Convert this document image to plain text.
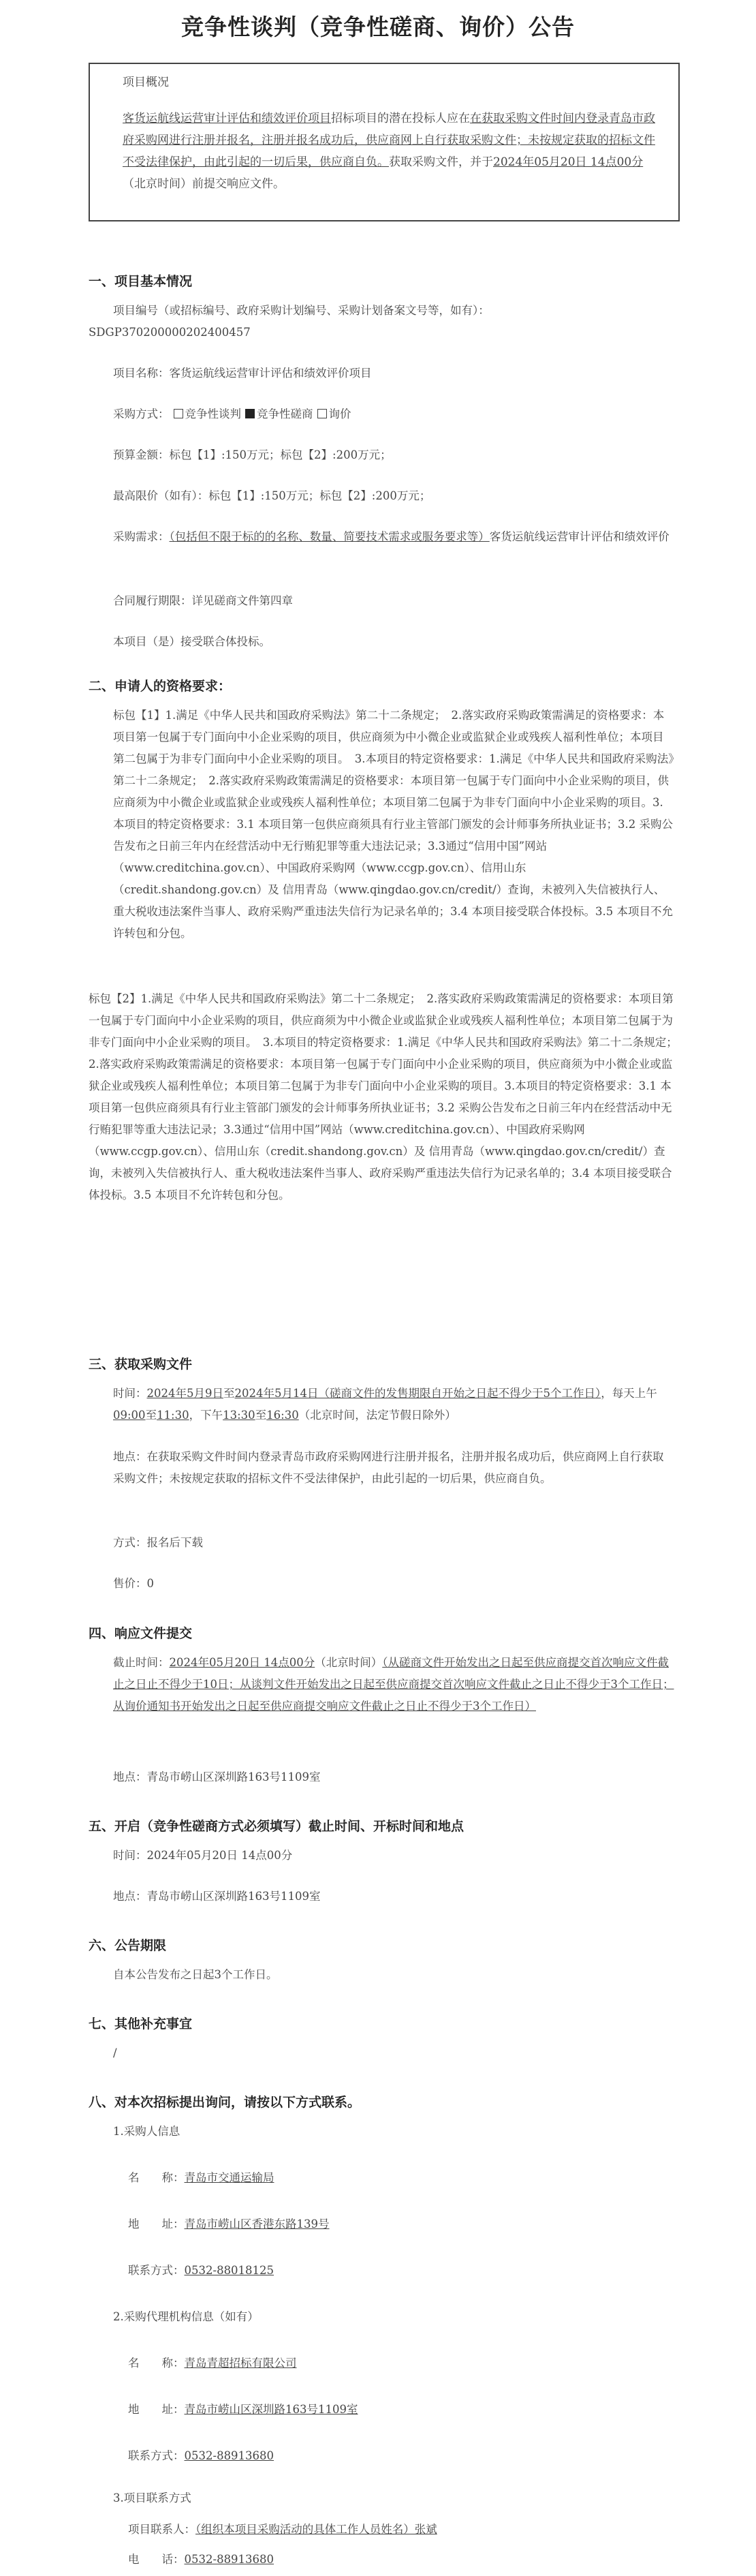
竞争性谈判（竞争性磋商、询价）公告
项目概况
客货运航线运营审计评估和绩效评价项目招标项目的潜在投标人应在在获取采购文件时间内登录青岛市政府采购网进行注册并报名，注册并报名成功后，供应商网上自行获取采购文件；未按规定获取的招标文件不受法律保护，由此引起的一切后果，供应商自负。获取采购文件，并于2024年05月20日 14点00分（北京时间）前提交响应文件。
一、项目基本情况
项目编号（或招标编号、政府采购计划编号、采购计划备案文号等，如有）：
SDGP370200000202400457
项目名称：客货运航线运营审计评估和绩效评价项目
采购方式： 竞争性谈判 竞争性磋商 询价
预算金额：标包【1】:150万元；标包【2】:200万元；
最高限价（如有）：标包【1】:150万元；标包【2】:200万元；
采购需求：（包括但不限于标的的名称、数量、简要技术需求或服务要求等）客货运航线运营审计评估和绩效评价
合同履行期限：详见磋商文件第四章
本项目（是）接受联合体投标。
二、申请人的资格要求：
标包【1】1.满足《中华人民共和国政府采购法》第二十二条规定；　2.落实政府采购政策需满足的资格要求：本项目第一包属于专门面向中小企业采购的项目，供应商须为中小微企业或监狱企业或残疾人福利性单位；本项目第二包属于为非专门面向中小企业采购的项目。　3.本项目的特定资格要求：1.满足《中华人民共和国政府采购法》第二十二条规定；　2.落实政府采购政策需满足的资格要求：本项目第一包属于专门面向中小企业采购的项目，供应商须为中小微企业或监狱企业或残疾人福利性单位；本项目第二包属于为非专门面向中小企业采购的项目。3.本项目的特定资格要求：3.1 本项目第一包供应商须具有行业主管部门颁发的会计师事务所执业证书；3.2 采购公告发布之日前三年内在经营活动中无行贿犯罪等重大违法记录；3.3通过“信用中国”网站（www.creditchina.gov.cn）、中国政府采购网（www.ccgp.gov.cn）、信用山东（credit.shandong.gov.cn）及 信用青岛（www.qingdao.gov.cn/credit/）查询，未被列入失信被执行人、重大税收违法案件当事人、政府采购严重违法失信行为记录名单的；3.4 本项目接受联合体投标。3.5 本项目不允许转包和分包。
标包【2】1.满足《中华人民共和国政府采购法》第二十二条规定；　2.落实政府采购政策需满足的资格要求：本项目第一包属于专门面向中小企业采购的项目，供应商须为中小微企业或监狱企业或残疾人福利性单位；本项目第二包属于为非专门面向中小企业采购的项目。　3.本项目的特定资格要求：1.满足《中华人民共和国政府采购法》第二十二条规定；　2.落实政府采购政策需满足的资格要求：本项目第一包属于专门面向中小企业采购的项目，供应商须为中小微企业或监狱企业或残疾人福利性单位；本项目第二包属于为非专门面向中小企业采购的项目。3.本项目的特定资格要求：3.1 本项目第一包供应商须具有行业主管部门颁发的会计师事务所执业证书；3.2 采购公告发布之日前三年内在经营活动中无行贿犯罪等重大违法记录；3.3通过“信用中国”网站（www.creditchina.gov.cn）、中国政府采购网（www.ccgp.gov.cn）、信用山东（credit.shandong.gov.cn）及 信用青岛（www.qingdao.gov.cn/credit/）查询，未被列入失信被执行人、重大税收违法案件当事人、政府采购严重违法失信行为记录名单的；3.4 本项目接受联合体投标。3.5 本项目不允许转包和分包。
三、获取采购文件
时间：2024年5月9日至2024年5月14日（磋商文件的发售期限自开始之日起不得少于5个工作日），每天上午09:00至11:30，下午13:30至16:30（北京时间，法定节假日除外）
地点：在获取采购文件时间内登录青岛市政府采购网进行注册并报名，注册并报名成功后，供应商网上自行获取采购文件；未按规定获取的招标文件不受法律保护，由此引起的一切后果，供应商自负。
方式：报名后下载
售价：0
四、响应文件提交
截止时间：2024年05月20日 14点00分（北京时间）（从磋商文件开始发出之日起至供应商提交首次响应文件截止之日止不得少于10日；从谈判文件开始发出之日起至供应商提交首次响应文件截止之日止不得少于3个工作日；从询价通知书开始发出之日起至供应商提交响应文件截止之日止不得少于3个工作日）
地点：青岛市崂山区深圳路163号1109室
五、开启（竞争性磋商方式必须填写）截止时间、开标时间和地点
时间：2024年05月20日 14点00分
地点：青岛市崂山区深圳路163号1109室
六、公告期限
自本公告发布之日起3个工作日。
七、其他补充事宜
/
八、对本次招标提出询问，请按以下方式联系。
1.采购人信息
名　　称：青岛市交通运输局
地　　址：青岛市崂山区香港东路139号
联系方式：0532-88018125
2.采购代理机构信息（如有）
名　　称：青岛青超招标有限公司
地　　址：青岛市崂山区深圳路163号1109室
联系方式：0532-88913680
3.项目联系方式
项目联系人：（组织本项目采购活动的具体工作人员姓名）张斌
电　　话：0532-88913680
